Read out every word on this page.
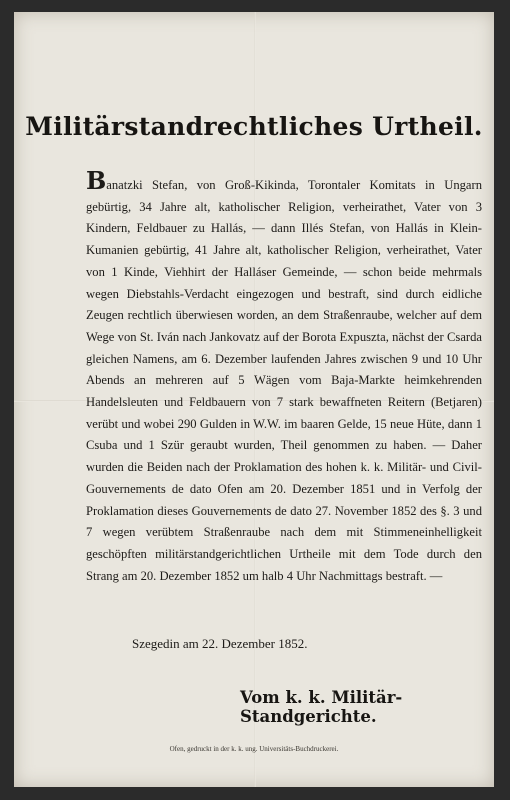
Militärstandrechtliches Urtheil.
Banatzki Stefan, von Groß-Kikinda, Torontaler Komitats in Ungarn gebürtig, 34 Jahre alt, katholischer Religion, verheirathet, Vater von 3 Kindern, Feldbauer zu Hallás, — dann Illés Stefan, von Hallás in Klein-Kumanien gebürtig, 41 Jahre alt, katholischer Religion, verheirathet, Vater von 1 Kinde, Viehhirt der Halláser Gemeinde, — schon beide mehrmals wegen Diebstahls-Verdacht eingezogen und bestraft, sind durch eidliche Zeugen rechtlich überwiesen worden, an dem Straßenraube, welcher auf dem Wege von St. Iván nach Jankovatz auf der Borota Expuszta, nächst der Csarda gleichen Namens, am 6. Dezember laufenden Jahres zwischen 9 und 10 Uhr Abends an mehreren auf 5 Wägen vom Baja-Markte heimkehrenden Handelsleuten und Feldbauern von 7 stark bewaffneten Reitern (Betjaren) verübt und wobei 290 Gulden in W.W. im baaren Gelde, 15 neue Hüte, dann 1 Csuba und 1 Szür geraubt wurden, Theil genommen zu haben. — Daher wurden die Beiden nach der Proklamation des hohen k. k. Militär- und Civil-Gouvernements de dato Ofen am 20. Dezember 1851 und in Verfolg der Proklamation dieses Gouvernements de dato 27. November 1852 des §. 3 und 7 wegen verübtem Straßenraube nach dem mit Stimmeneinhelligkeit geschöpften militärstandgerichtlichen Urtheile mit dem Tode durch den Strang am 20. Dezember 1852 um halb 4 Uhr Nachmittags bestraft. —
Szegedin am 22. Dezember 1852.
Vom k. k. Militär-Standgerichte.
Ofen, gedruckt in der k. k. ung. Universitäts-Buchdruckerei.
